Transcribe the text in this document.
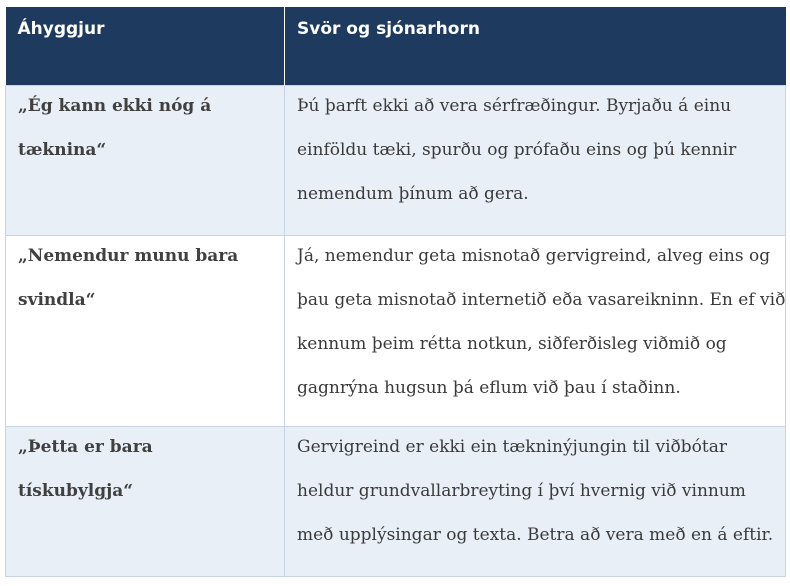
Áhyggjur	Svör og sjónarhorn

„Ég kann ekki nóg á
tæknina“	Þú þarft ekki að vera sérfræðingur. Byrjaðu á einu
einföldu tæki, spurðu og prófaðu eins og þú kennir
nemendum þínum að gera.

„Nemendur munu bara
svindla“	Já, nemendur geta misnotað gervigreind, alveg eins og
þau geta misnotað internetið eða vasareikninn. En ef við
kennum þeim rétta notkun, siðferðisleg viðmið og
gagnrýna hugsun þá eflum við þau í staðinn.

„Þetta er bara
tískubylgja“	Gervigreind er ekki ein tækninýjungin til viðbótar
heldur grundvallarbreyting í því hvernig við vinnum
með upplýsingar og texta. Betra að vera með en á eftir.
